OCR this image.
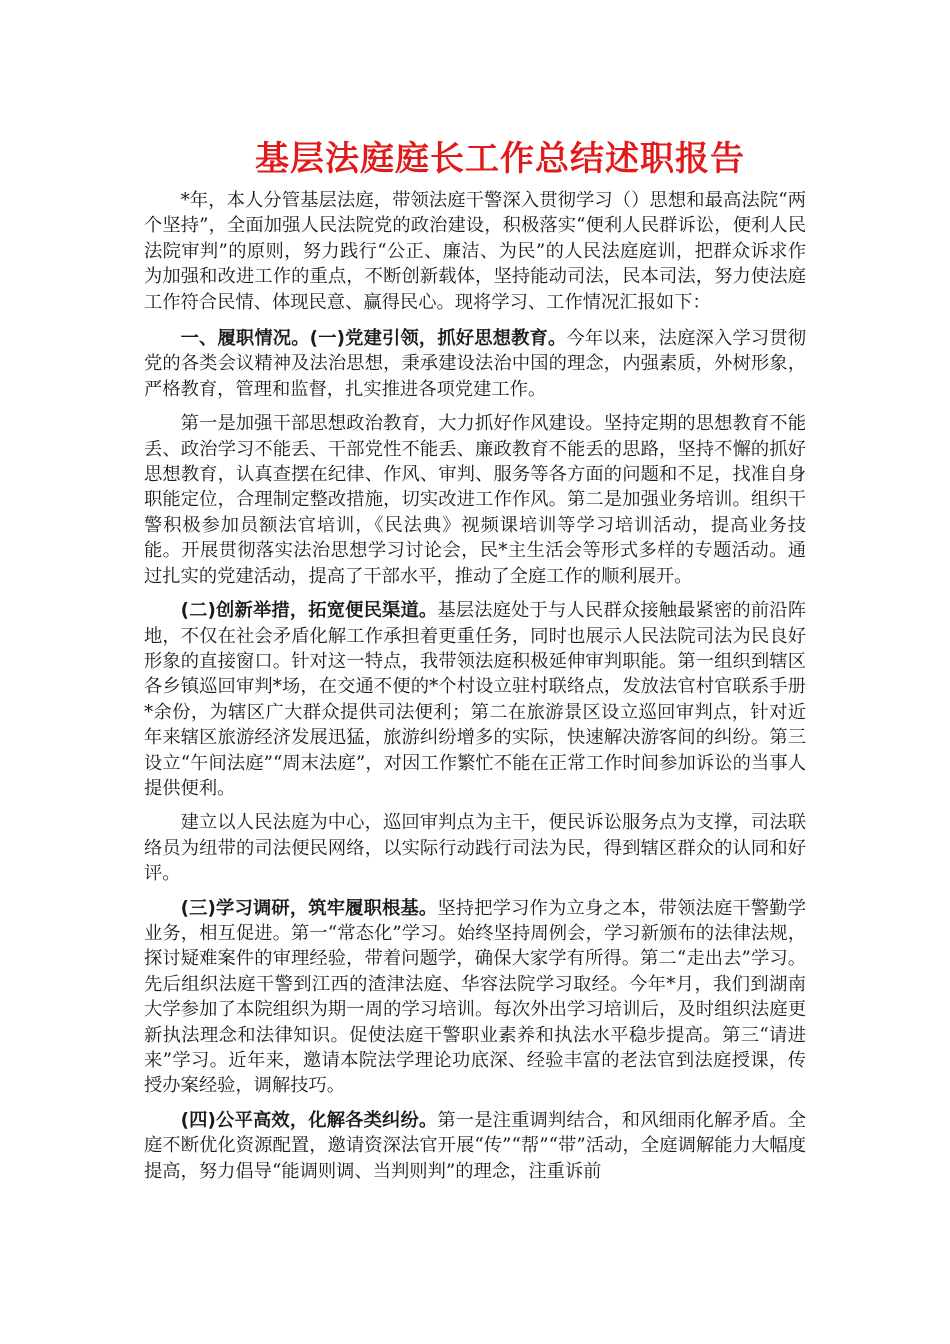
基层法庭庭长工作总结述职报告

*年，本人分管基层法庭，带领法庭干警深入贯彻学习（）思想和最高法院“两个坚持”，全面加强人民法院党的政治建设，积极落实“便利人民群诉讼，便利人民法院审判”的原则，努力践行“公正、廉洁、为民”的人民法庭庭训，把群众诉求作为加强和改进工作的重点，不断创新载体，坚持能动司法，民本司法，努力使法庭工作符合民情、体现民意、赢得民心。现将学习、工作情况汇报如下：

一、履职情况。(一)党建引领，抓好思想教育。今年以来，法庭深入学习贯彻党的各类会议精神及法治思想，秉承建设法治中国的理念，内强素质，外树形象，严格教育，管理和监督，扎实推进各项党建工作。

第一是加强干部思想政治教育，大力抓好作风建设。坚持定期的思想教育不能丢、政治学习不能丢、干部党性不能丢、廉政教育不能丢的思路，坚持不懈的抓好思想教育，认真查摆在纪律、作风、审判、服务等各方面的问题和不足，找准自身职能定位，合理制定整改措施，切实改进工作作风。第二是加强业务培训。组织干警积极参加员额法官培训，《民法典》视频课培训等学习培训活动，提高业务技能。开展贯彻落实法治思想学习讨论会，民*主生活会等形式多样的专题活动。通过扎实的党建活动，提高了干部水平，推动了全庭工作的顺利展开。

(二)创新举措，拓宽便民渠道。基层法庭处于与人民群众接触最紧密的前沿阵地，不仅在社会矛盾化解工作承担着更重任务，同时也展示人民法院司法为民良好形象的直接窗口。针对这一特点，我带领法庭积极延伸审判职能。第一组织到辖区各乡镇巡回审判*场，在交通不便的*个村设立驻村联络点，发放法官村官联系手册*余份，为辖区广大群众提供司法便利；第二在旅游景区设立巡回审判点，针对近年来辖区旅游经济发展迅猛，旅游纠纷增多的实际，快速解决游客间的纠纷。第三设立“午间法庭”“周末法庭”，对因工作繁忙不能在正常工作时间参加诉讼的当事人提供便利。

建立以人民法庭为中心，巡回审判点为主干，便民诉讼服务点为支撑，司法联络员为纽带的司法便民网络，以实际行动践行司法为民，得到辖区群众的认同和好评。

(三)学习调研，筑牢履职根基。坚持把学习作为立身之本，带领法庭干警勤学业务，相互促进。第一“常态化”学习。始终坚持周例会，学习新颁布的法律法规，探讨疑难案件的审理经验，带着问题学，确保大家学有所得。第二“走出去”学习。先后组织法庭干警到江西的渣津法庭、华容法院学习取经。今年*月，我们到湖南大学参加了本院组织为期一周的学习培训。每次外出学习培训后，及时组织法庭更新执法理念和法律知识。促使法庭干警职业素养和执法水平稳步提高。第三“请进来”学习。近年来，邀请本院法学理论功底深、经验丰富的老法官到法庭授课，传授办案经验，调解技巧。

(四)公平高效，化解各类纠纷。第一是注重调判结合，和风细雨化解矛盾。全庭不断优化资源配置，邀请资深法官开展“传”“帮”“带”活动，全庭调解能力大幅度提高，努力倡导“能调则调、当判则判”的理念，注重诉前
